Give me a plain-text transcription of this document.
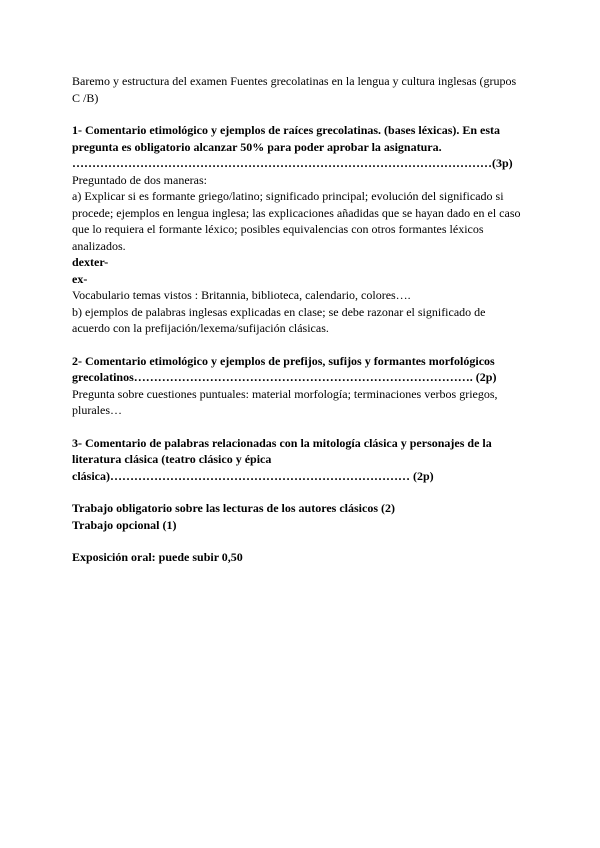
Baremo y estructura del examen Fuentes grecolatinas en la lengua y cultura inglesas (grupos

C /B)

1- Comentario etimológico y ejemplos de raíces grecolatinas. (bases léxicas). En esta

pregunta es obligatorio alcanzar 50% para poder aprobar la asignatura.

……………………………………………………………………………………………(3p)

Preguntado de dos maneras:

a) Explicar si es formante griego/latino; significado principal; evolución del significado si

procede; ejemplos en lengua inglesa; las explicaciones añadidas que se hayan dado en el caso

que lo requiera el formante léxico; posibles equivalencias con otros formantes léxicos

analizados.

dexter-

ex-

Vocabulario temas vistos : Britannia, biblioteca, calendario, colores….

b) ejemplos de palabras inglesas explicadas en clase; se debe razonar el significado de

acuerdo con la prefijación/lexema/sufijación clásicas.

2- Comentario etimológico y ejemplos de prefijos, sufijos y formantes morfológicos

grecolatinos…………………………………………………………………………. (2p)

Pregunta sobre cuestiones puntuales: material morfología; terminaciones verbos griegos,

plurales…

3- Comentario de palabras relacionadas con la mitología clásica y personajes de la

literatura clásica (teatro clásico y épica

clásica)………………………………………………………………… (2p)

Trabajo obligatorio sobre las lecturas de los autores clásicos (2)

Trabajo opcional (1)

Exposición oral: puede subir 0,50
